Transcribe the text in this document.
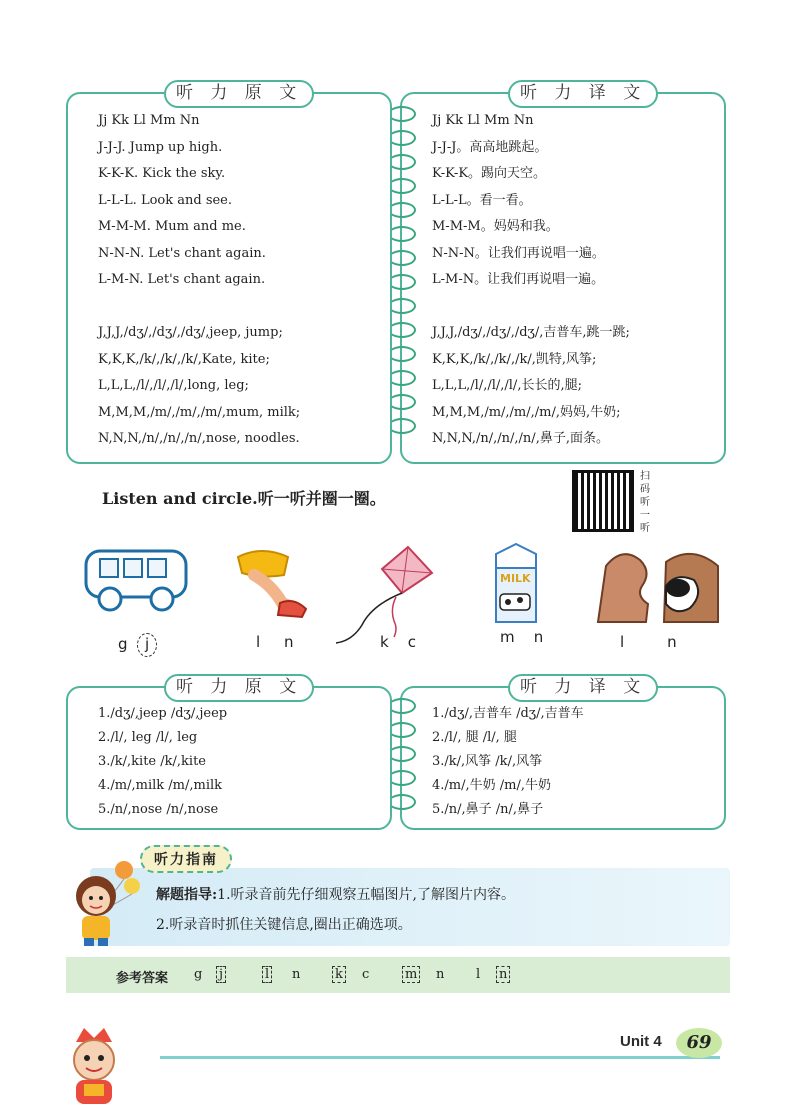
听 力 原 文
Jj Kk Ll Mm Nn
J-J-J. Jump up high.
K-K-K. Kick the sky.
L-L-L. Look and see.
M-M-M. Mum and me.
N-N-N. Let's chant again.
L-M-N. Let's chant again.
J,J,J,/dʒ/,/dʒ/,/dʒ/,jeep, jump;
K,K,K,/k/,/k/,/k/,Kate, kite;
L,L,L,/l/,/l/,/l/,long, leg;
M,M,M,/m/,/m/,/m/,mum, milk;
N,N,N,/n/,/n/,/n/,nose, noodles.
听 力 译 文
Jj Kk Ll Mm Nn
J-J-J。高高地跳起。
K-K-K。踢向天空。
L-L-L。看一看。
M-M-M。妈妈和我。
N-N-N。让我们再说唱一遍。
L-M-N。让我们再说唱一遍。
J,J,J,/dʒ/,/dʒ/,/dʒ/,吉普车,跳一跳;
K,K,K,/k/,/k/,/k/,凯特,风筝;
L,L,L,/l/,/l/,/l/,长长的,腿;
M,M,M,/m/,/m/,/m/,妈妈,牛奶;
N,N,N,/n/,/n/,/n/,鼻子,面条。
Listen and circle.听一听并圈一圈。
扫码听一听
MILK
g j	l n	k c	m n	l	n
听 力 原 文
1./dʒ/,jeep /dʒ/,jeep
2./l/, leg /l/, leg
3./k/,kite /k/,kite
4./m/,milk /m/,milk
5./n/,nose /n/,nose
听 力 译 文
1./dʒ/,吉普车 /dʒ/,吉普车
2./l/, 腿 /l/, 腿
3./k/,风筝 /k/,风筝
4./m/,牛奶 /m/,牛奶
5./n/,鼻子 /n/,鼻子
听力指南
解题指导:1.听录音前先仔细观察五幅图片,了解图片内容。
2.听录音时抓住关键信息,圈出正确选项。
参考答案 g j	l n	k c	m n l n
Unit 4	69
